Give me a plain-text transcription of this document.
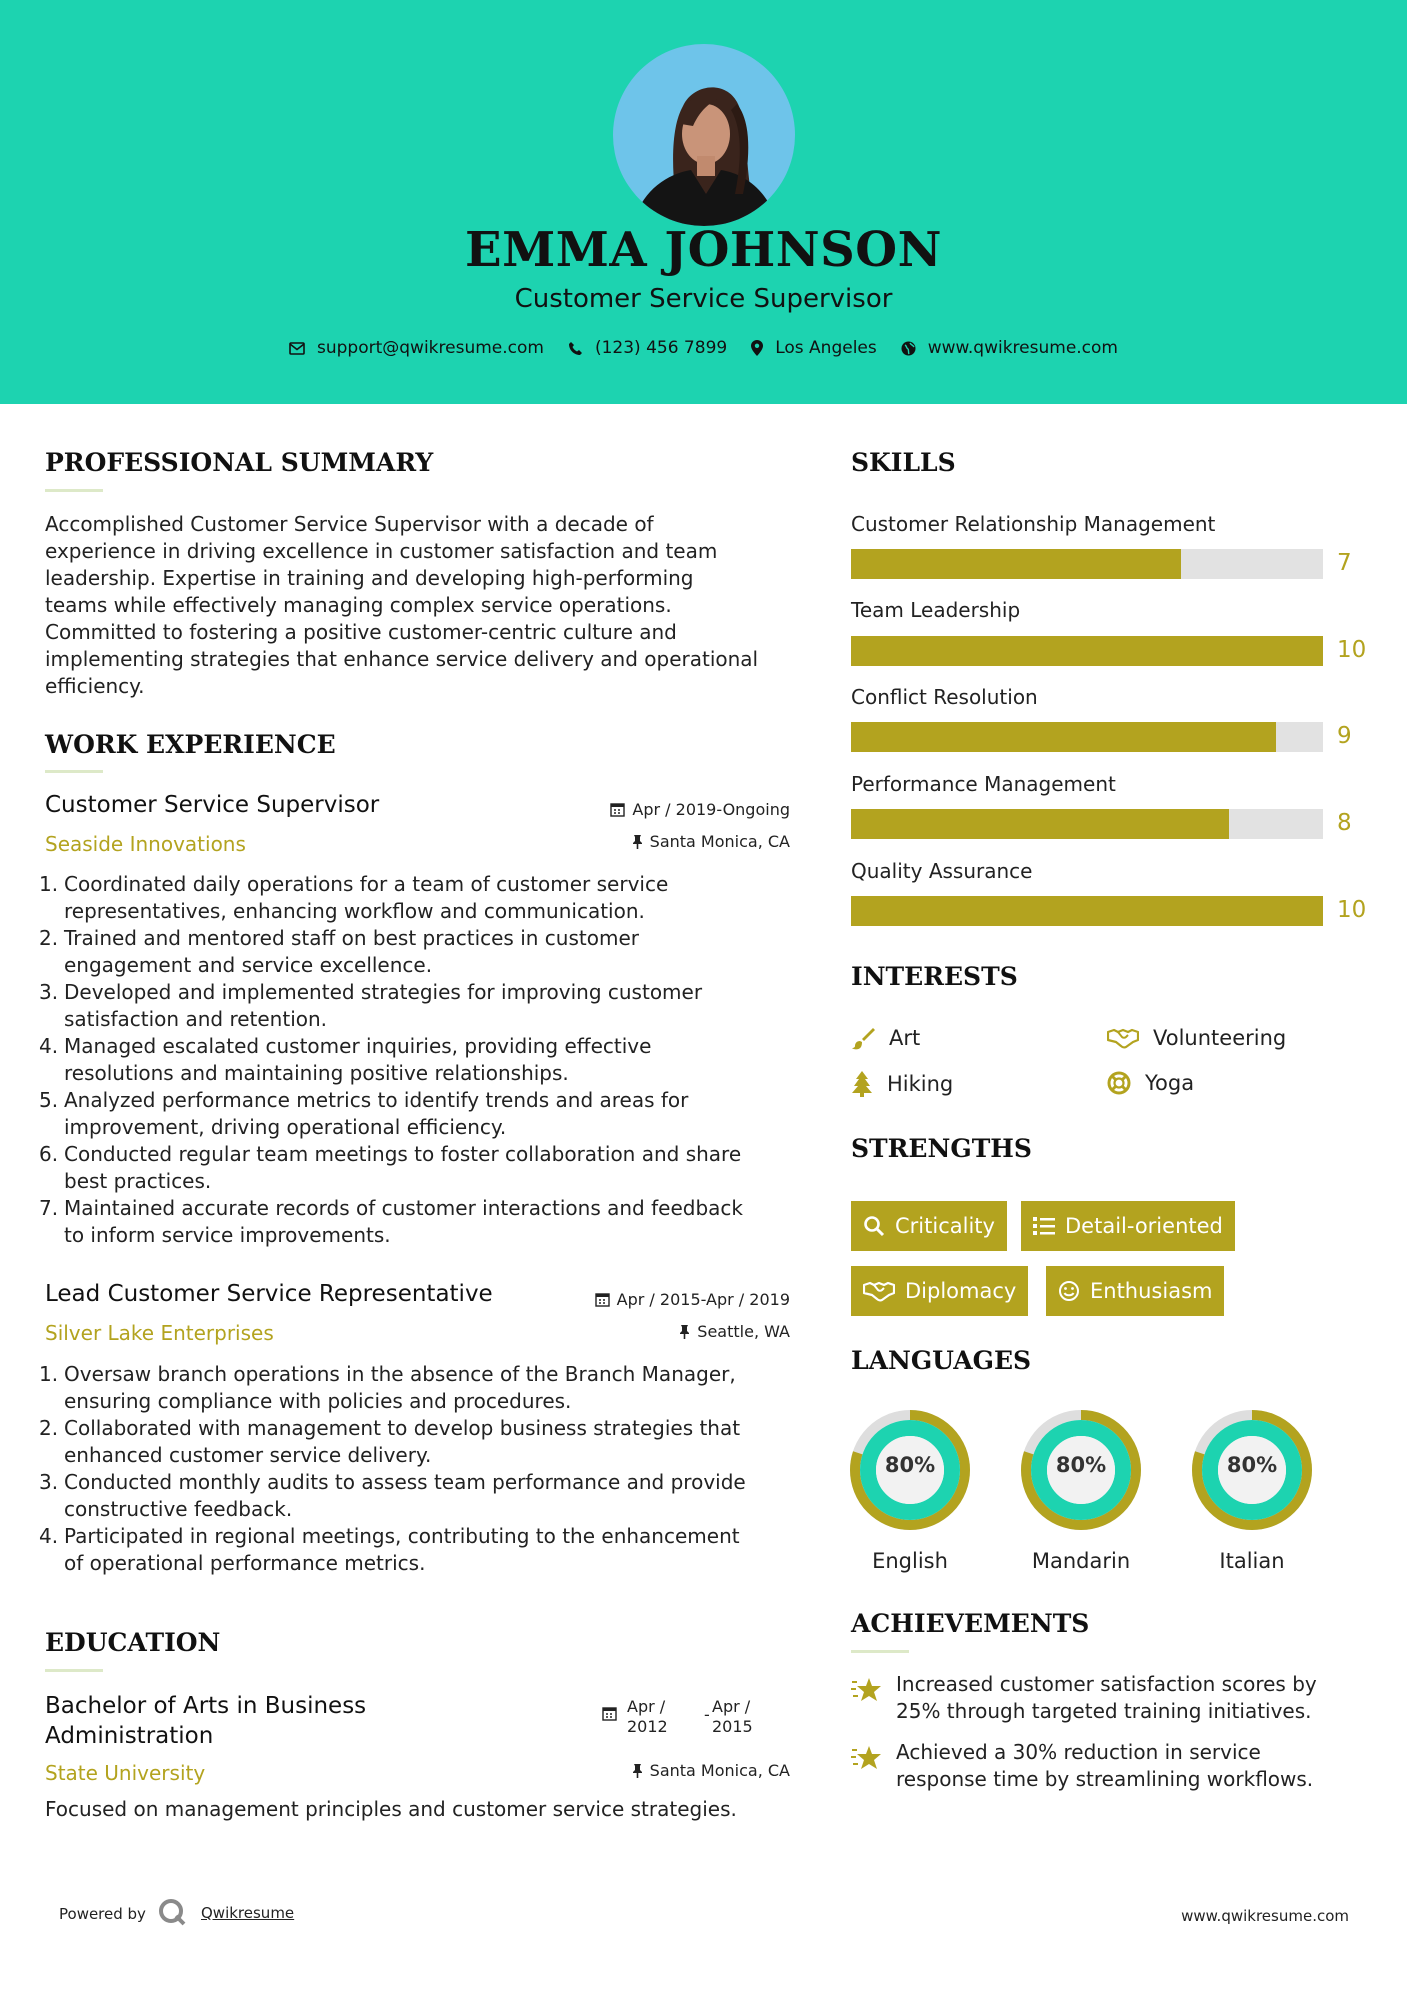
EMMA JOHNSON
Customer Service Supervisor
support@qwikresume.com	(123) 456 7899	Los Angeles	www.qwikresume.com
PROFESSIONAL SUMMARY
Accomplished Customer Service Supervisor with a decade of
experience in driving excellence in customer satisfaction and team
leadership. Expertise in training and developing high-performing
teams while effectively managing complex service operations.
Committed to fostering a positive customer-centric culture and
implementing strategies that enhance service delivery and operational
efficiency.
WORK EXPERIENCE
Customer Service Supervisor	Apr / 2019-Ongoing
Seaside Innovations	Santa Monica, CA
1. Coordinated daily operations for a team of customer service
representatives, enhancing workflow and communication.
2. Trained and mentored staff on best practices in customer
engagement and service excellence.
3. Developed and implemented strategies for improving customer
satisfaction and retention.
4. Managed escalated customer inquiries, providing effective
resolutions and maintaining positive relationships.
5. Analyzed performance metrics to identify trends and areas for
improvement, driving operational efficiency.
6. Conducted regular team meetings to foster collaboration and share
best practices.
7. Maintained accurate records of customer interactions and feedback
to inform service improvements.
Lead Customer Service Representative	Apr / 2015-Apr / 2019
Silver Lake Enterprises	Seattle, WA
1. Oversaw branch operations in the absence of the Branch Manager,
ensuring compliance with policies and procedures.
2. Collaborated with management to develop business strategies that
enhanced customer service delivery.
3. Conducted monthly audits to assess team performance and provide
constructive feedback.
4. Participated in regional meetings, contributing to the enhancement
of operational performance metrics.
EDUCATION
Bachelor of Arts in Business
Administration
Apr /
2012
- Apr /
2015
State University	Santa Monica, CA
Focused on management principles and customer service strategies.
SKILLS
Customer Relationship Management
7
Team Leadership
10
Conflict Resolution
9
Performance Management
8
Quality Assurance
10
INTERESTS
Art	Volunteering
Hiking	Yoga
STRENGTHS
Criticality	Detail-oriented
Diplomacy	Enthusiasm
LANGUAGES
80%
English
80%
Mandarin
80%
Italian
ACHIEVEMENTS
Increased customer satisfaction scores by
25% through targeted training initiatives.
Achieved a 30% reduction in service
response time by streamlining workflows.
Powered by	Qwikresume	www.qwikresume.com
